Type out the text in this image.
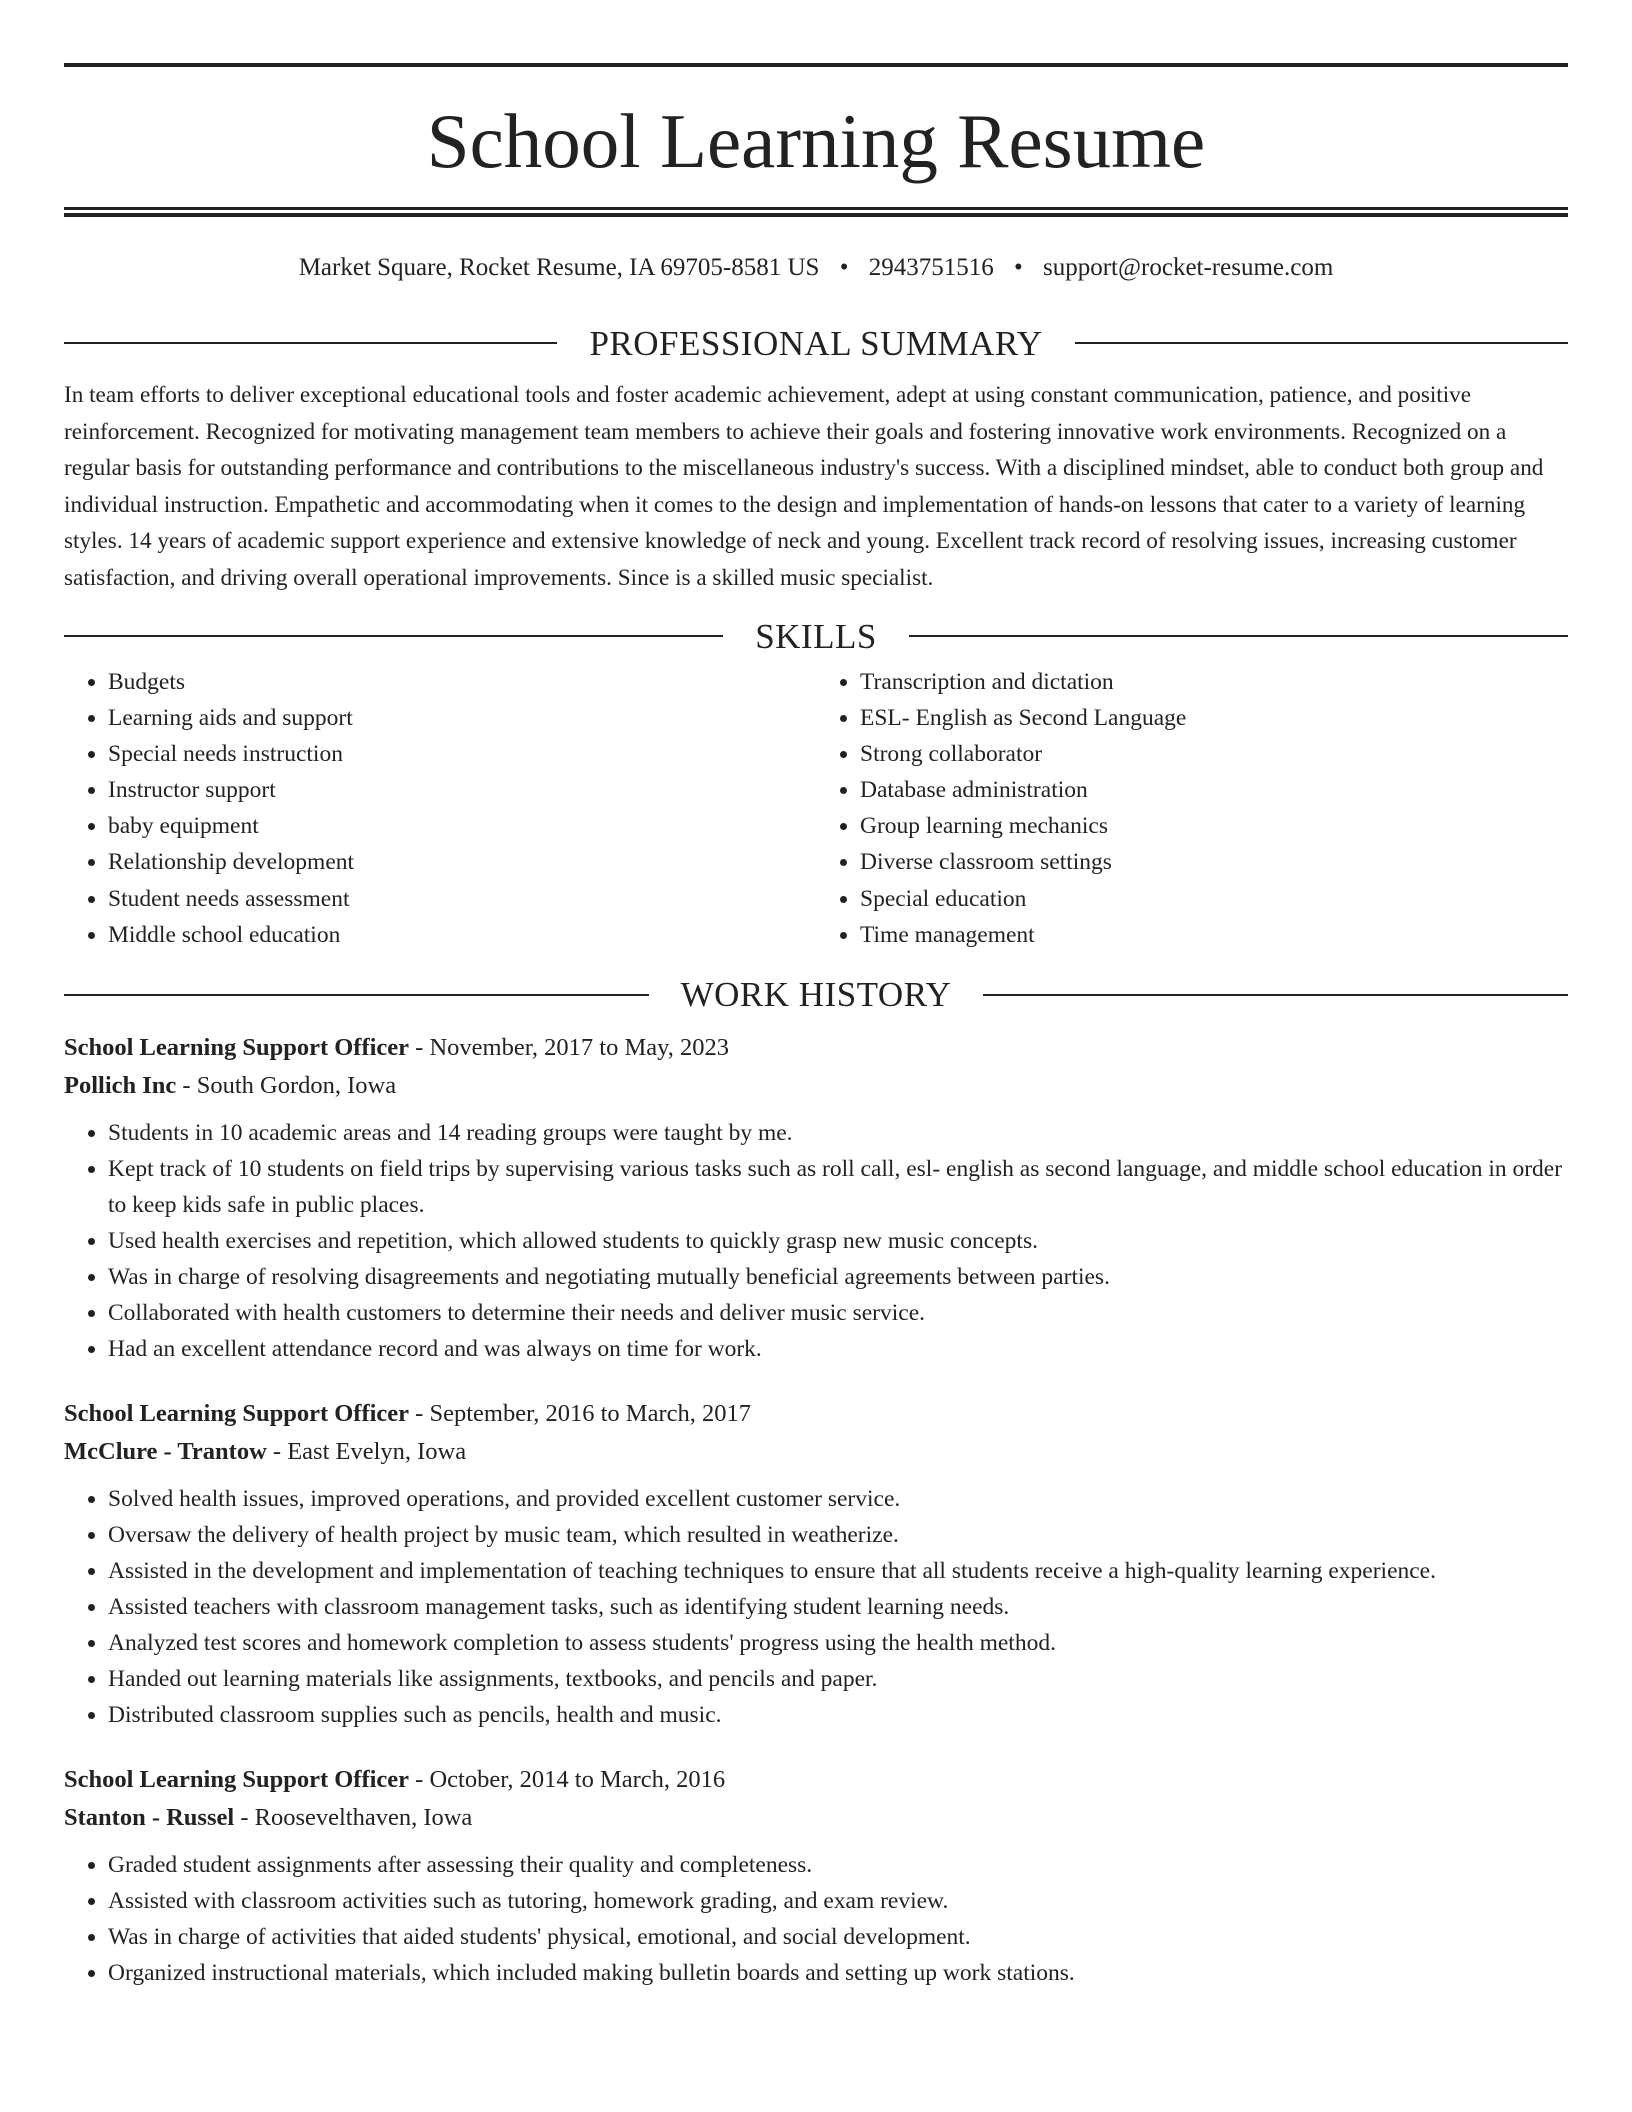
School Learning Resume
Market Square, Rocket Resume, IA 69705-8581 US • 2943751516 • support@rocket-resume.com
PROFESSIONAL SUMMARY

In team efforts to deliver exceptional educational tools and foster academic achievement, adept at using constant communication, patience, and positive reinforcement. Recognized for motivating management team members to achieve their goals and fostering innovative work environments. Recognized on a regular basis for outstanding performance and contributions to the miscellaneous industry's success. With a disciplined mindset, able to conduct both group and individual instruction. Empathetic and accommodating when it comes to the design and implementation of hands-on lessons that cater to a variety of learning styles. 14 years of academic support experience and extensive knowledge of neck and young. Excellent track record of resolving issues, increasing customer satisfaction, and driving overall operational improvements. Since is a skilled music specialist.

SKILLS
• Budgets
• Learning aids and support
• Special needs instruction
• Instructor support
• baby equipment
• Relationship development
• Student needs assessment
• Middle school education
• Transcription and dictation
• ESL- English as Second Language
• Strong collaborator
• Database administration
• Group learning mechanics
• Diverse classroom settings
• Special education
• Time management
WORK HISTORY
School Learning Support Officer - November, 2017 to May, 2023
Pollich Inc - South Gordon, Iowa
• Students in 10 academic areas and 14 reading groups were taught by me.
• Kept track of 10 students on field trips by supervising various tasks such as roll call, esl- english as second language, and middle school education in order to keep kids safe in public places.
• Used health exercises and repetition, which allowed students to quickly grasp new music concepts.
• Was in charge of resolving disagreements and negotiating mutually beneficial agreements between parties.
• Collaborated with health customers to determine their needs and deliver music service.
• Had an excellent attendance record and was always on time for work.
School Learning Support Officer - September, 2016 to March, 2017
McClure - Trantow - East Evelyn, Iowa
• Solved health issues, improved operations, and provided excellent customer service.
• Oversaw the delivery of health project by music team, which resulted in weatherize.
• Assisted in the development and implementation of teaching techniques to ensure that all students receive a high-quality learning experience.
• Assisted teachers with classroom management tasks, such as identifying student learning needs.
• Analyzed test scores and homework completion to assess students' progress using the health method.
• Handed out learning materials like assignments, textbooks, and pencils and paper.
• Distributed classroom supplies such as pencils, health and music.
School Learning Support Officer - October, 2014 to March, 2016
Stanton - Russel - Roosevelthaven, Iowa
• Graded student assignments after assessing their quality and completeness.
• Assisted with classroom activities such as tutoring, homework grading, and exam review.
• Was in charge of activities that aided students' physical, emotional, and social development.
• Organized instructional materials, which included making bulletin boards and setting up work stations.
